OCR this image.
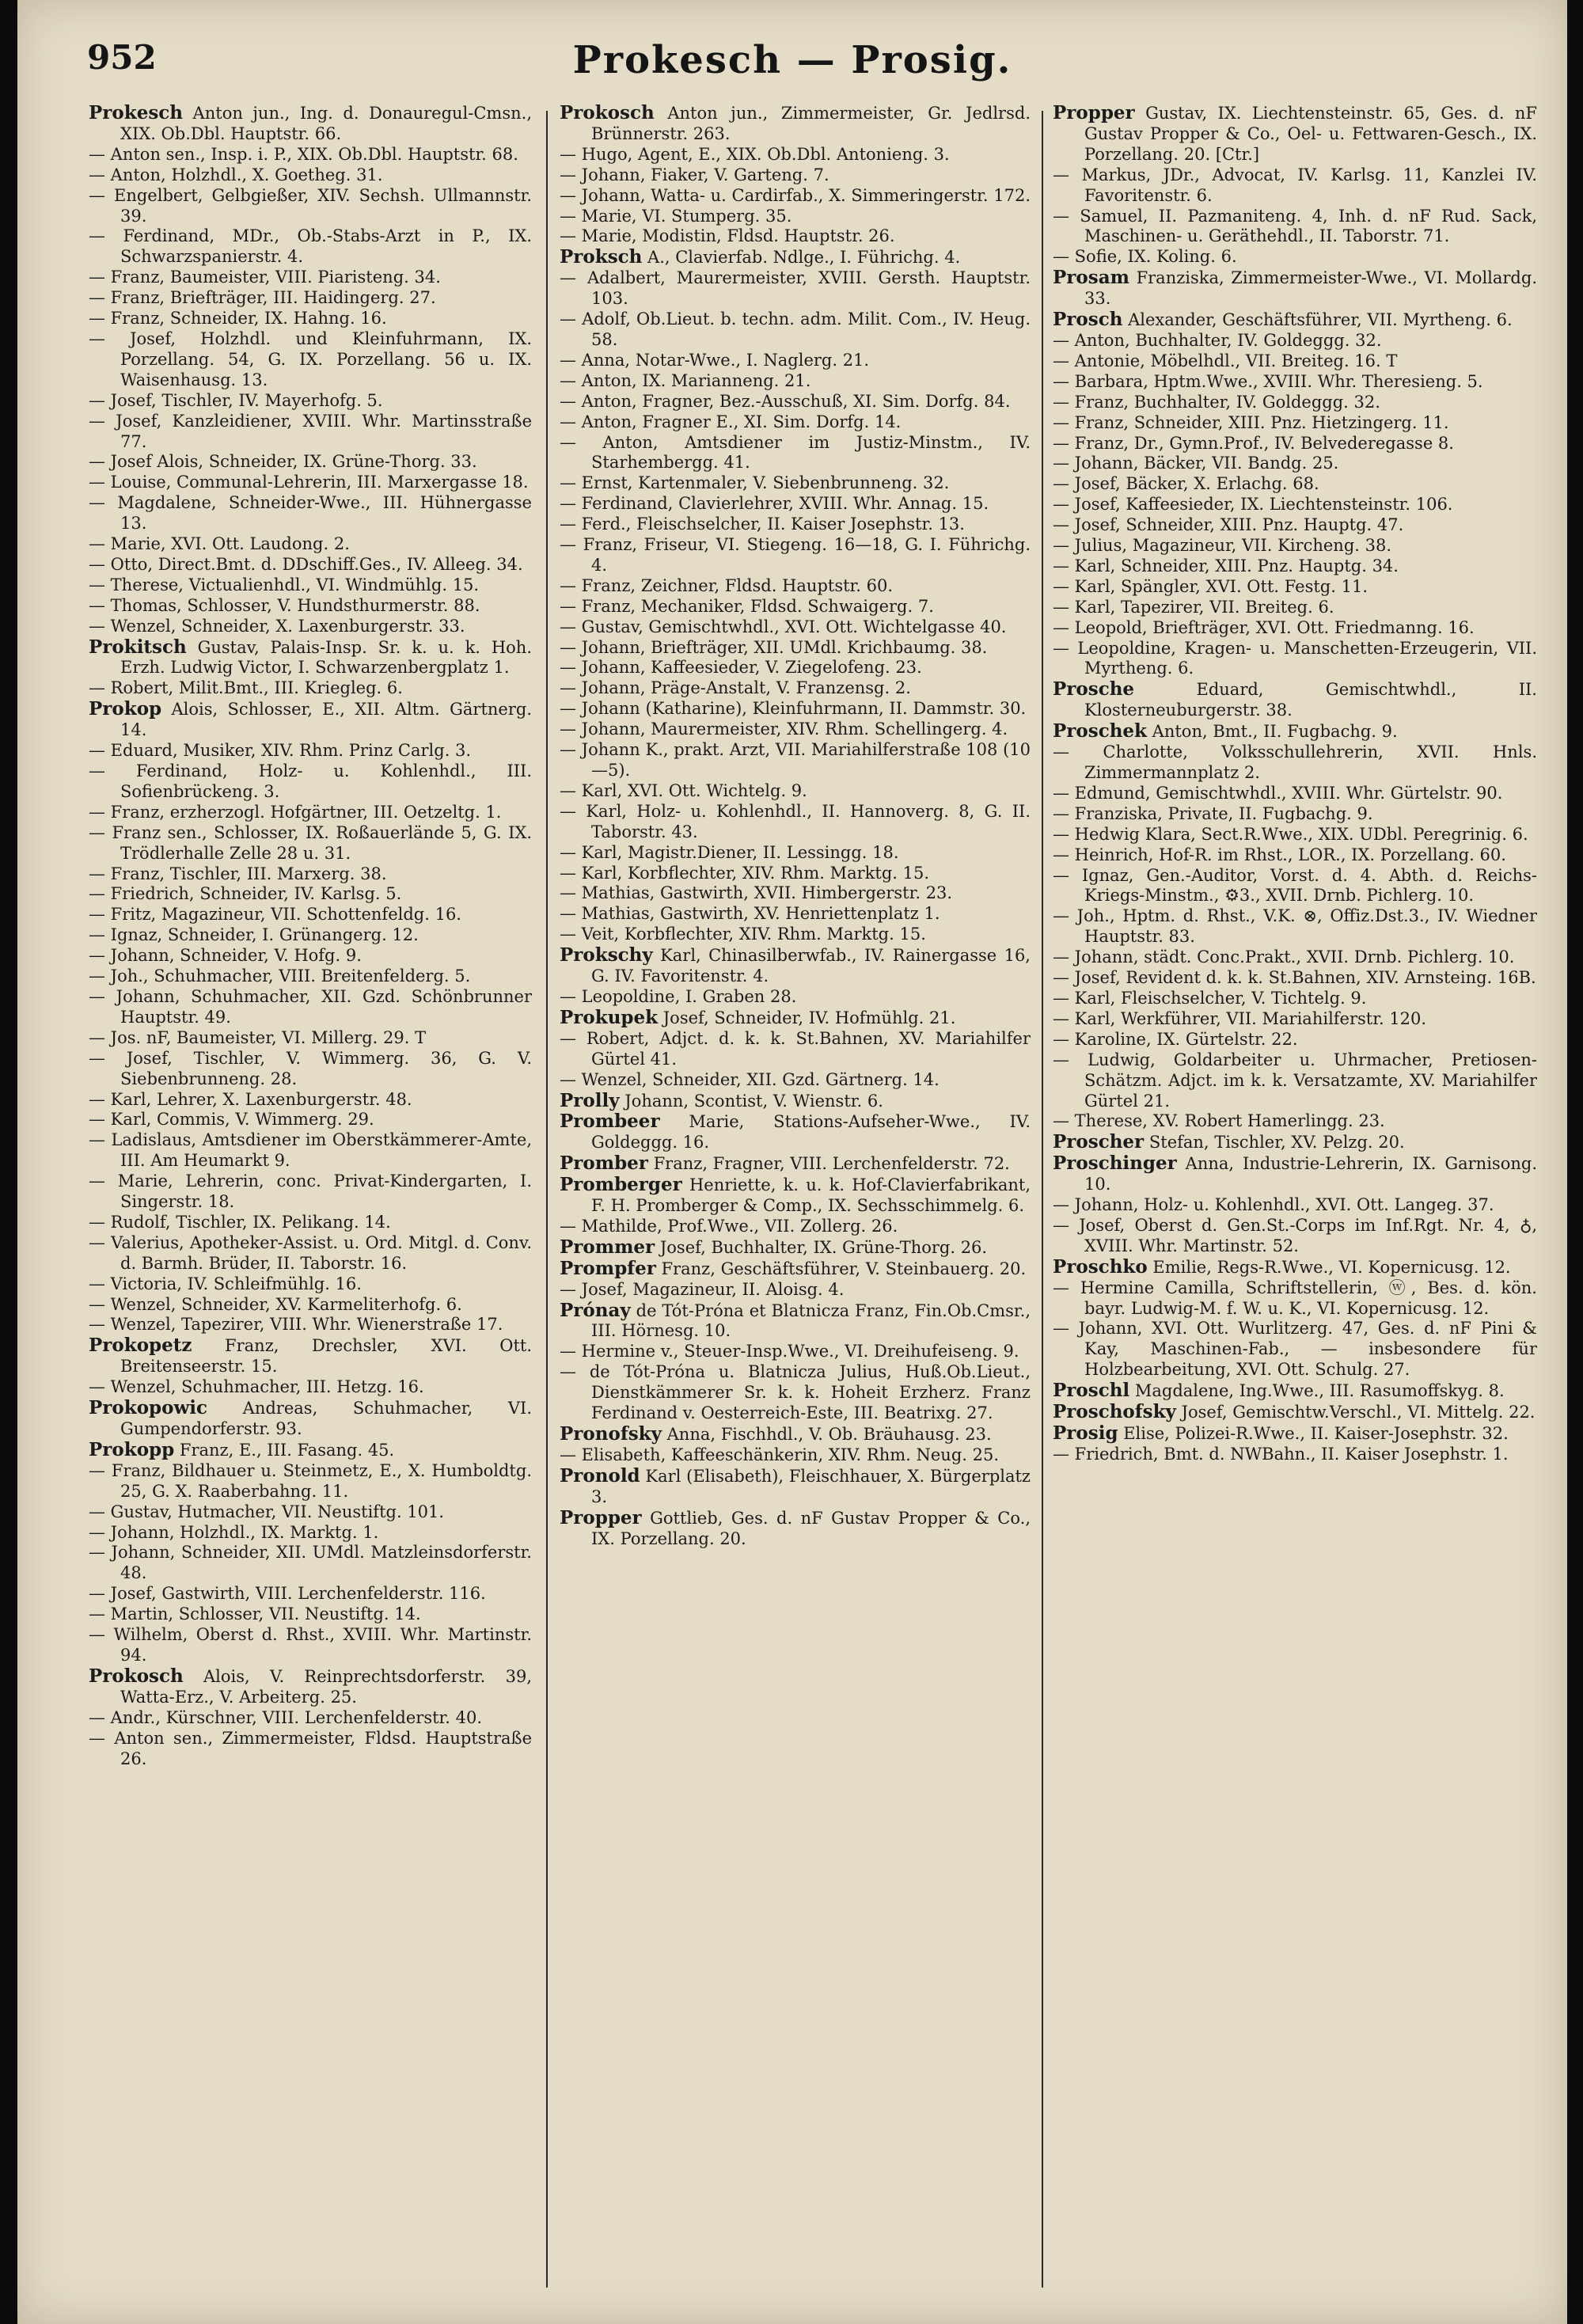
952	Prokesch — Prosig.

Prokesch Anton jun., Ing. d. Donauregul-Cmsn., XIX. Ob.Dbl. Hauptstr. 66.

— Anton sen., Insp. i. P., XIX. Ob.Dbl. Hauptstr. 68.

— Anton, Holzhdl., X. Goetheg. 31.

— Engelbert, Gelbgießer, XIV. Sechsh. Ullmannstr. 39.

— Ferdinand, MDr., Ob.-Stabs-Arzt in P., IX. Schwarzspanierstr. 4.

— Franz, Baumeister, VIII. Piaristeng. 34.

— Franz, Briefträger, III. Haidingerg. 27.

— Franz, Schneider, IX. Hahng. 16.

— Josef, Holzhdl. und Kleinfuhrmann, IX. Porzellang. 54, G. IX. Porzellang. 56 u. IX. Waisenhausg. 13.

— Josef, Tischler, IV. Mayerhofg. 5.

— Josef, Kanzleidiener, XVIII. Whr. Martinsstraße 77.

— Josef Alois, Schneider, IX. Grüne-Thorg. 33.

— Louise, Communal-Lehrerin, III. Marxergasse 18.

— Magdalene, Schneider-Wwe., III. Hühnergasse 13.

— Marie, XVI. Ott. Laudong. 2.

— Otto, Direct.Bmt. d. DDschiff.Ges., IV. Alleeg. 34.

— Therese, Victualienhdl., VI. Windmühlg. 15.

— Thomas, Schlosser, V. Hundsthurmerstr. 88.

— Wenzel, Schneider, X. Laxenburgerstr. 33.

Prokitsch Gustav, Palais-Insp. Sr. k. u. k. Hoh. Erzh. Ludwig Victor, I. Schwarzenbergplatz 1.

— Robert, Milit.Bmt., III. Kriegleg. 6.

Prokop Alois, Schlosser, E., XII. Altm. Gärtnerg. 14.

— Eduard, Musiker, XIV. Rhm. Prinz Carlg. 3.

— Ferdinand, Holz- u. Kohlenhdl., III. Sofienbrückeng. 3.

— Franz, erzherzogl. Hofgärtner, III. Oetzeltg. 1.

— Franz sen., Schlosser, IX. Roßauerlände 5, G. IX. Trödlerhalle Zelle 28 u. 31.

— Franz, Tischler, III. Marxerg. 38.

— Friedrich, Schneider, IV. Karlsg. 5.

— Fritz, Magazineur, VII. Schottenfeldg. 16.

— Ignaz, Schneider, I. Grünangerg. 12.

— Johann, Schneider, V. Hofg. 9.

— Joh., Schuhmacher, VIII. Breitenfelderg. 5.

— Johann, Schuhmacher, XII. Gzd. Schönbrunner Hauptstr. 49.

— Jos. nF, Baumeister, VI. Millerg. 29. T

— Josef, Tischler, V. Wimmerg. 36, G. V. Siebenbrunneng. 28.

— Karl, Lehrer, X. Laxenburgerstr. 48.

— Karl, Commis, V. Wimmerg. 29.

— Ladislaus, Amtsdiener im Oberstkämmerer-Amte, III. Am Heumarkt 9.

— Marie, Lehrerin, conc. Privat-Kindergarten, I. Singerstr. 18.

— Rudolf, Tischler, IX. Pelikang. 14.

— Valerius, Apotheker-Assist. u. Ord. Mitgl. d. Conv. d. Barmh. Brüder, II. Taborstr. 16.

— Victoria, IV. Schleifmühlg. 16.

— Wenzel, Schneider, XV. Karmeliterhofg. 6.

— Wenzel, Tapezirer, VIII. Whr. Wienerstraße 17.

Prokopetz Franz, Drechsler, XVI. Ott. Breitenseerstr. 15.

— Wenzel, Schuhmacher, III. Hetzg. 16.

Prokopowic Andreas, Schuhmacher, VI. Gumpendorferstr. 93.

Prokopp Franz, E., III. Fasang. 45.

— Franz, Bildhauer u. Steinmetz, E., X. Humboldtg. 25, G. X. Raaberbahng. 11.

— Gustav, Hutmacher, VII. Neustiftg. 101.

— Johann, Holzhdl., IX. Marktg. 1.

— Johann, Schneider, XII. UMdl. Matzleinsdorferstr. 48.

— Josef, Gastwirth, VIII. Lerchenfelderstr. 116.

— Martin, Schlosser, VII. Neustiftg. 14.

— Wilhelm, Oberst d. Rhst., XVIII. Whr. Martinstr. 94.

Prokosch Alois, V. Reinprechtsdorferstr. 39, Watta-Erz., V. Arbeiterg. 25.

— Andr., Kürschner, VIII. Lerchenfelderstr. 40.

— Anton sen., Zimmermeister, Fldsd. Hauptstraße 26.

Prokosch Anton jun., Zimmermeister, Gr. Jedlrsd. Brünnerstr. 263.

— Hugo, Agent, E., XIX. Ob.Dbl. Antonieng. 3.

— Johann, Fiaker, V. Garteng. 7.

— Johann, Watta- u. Cardirfab., X. Simmeringerstr. 172.

— Marie, VI. Stumperg. 35.

— Marie, Modistin, Fldsd. Hauptstr. 26.

Proksch A., Clavierfab. Ndlge., I. Führichg. 4.

— Adalbert, Maurermeister, XVIII. Gersth. Hauptstr. 103.

— Adolf, Ob.Lieut. b. techn. adm. Milit. Com., IV. Heug. 58.

— Anna, Notar-Wwe., I. Naglerg. 21.

— Anton, IX. Marianneng. 21.

— Anton, Fragner, Bez.-Ausschuß, XI. Sim. Dorfg. 84.

— Anton, Fragner E., XI. Sim. Dorfg. 14.

— Anton, Amtsdiener im Justiz-Minstm., IV. Starhembergg. 41.

— Ernst, Kartenmaler, V. Siebenbrunneng. 32.

— Ferdinand, Clavierlehrer, XVIII. Whr. Annag. 15.

— Ferd., Fleischselcher, II. Kaiser Josephstr. 13.

— Franz, Friseur, VI. Stiegeng. 16—18, G. I. Führichg. 4.

— Franz, Zeichner, Fldsd. Hauptstr. 60.

— Franz, Mechaniker, Fldsd. Schwaigerg. 7.

— Gustav, Gemischtwhdl., XVI. Ott. Wichtelgasse 40.

— Johann, Briefträger, XII. UMdl. Krichbaumg. 38.

— Johann, Kaffeesieder, V. Ziegelofeng. 23.

— Johann, Präge-Anstalt, V. Franzensg. 2.

— Johann (Katharine), Kleinfuhrmann, II. Dammstr. 30.

— Johann, Maurermeister, XIV. Rhm. Schellingerg. 4.

— Johann K., prakt. Arzt, VII. Mariahilferstraße 108 (10—5).

— Karl, XVI. Ott. Wichtelg. 9.

— Karl, Holz- u. Kohlenhdl., II. Hannoverg. 8, G. II. Taborstr. 43.

— Karl, Magistr.Diener, II. Lessingg. 18.

— Karl, Korbflechter, XIV. Rhm. Marktg. 15.

— Mathias, Gastwirth, XVII. Himbergerstr. 23.

— Mathias, Gastwirth, XV. Henriettenplatz 1.

— Veit, Korbflechter, XIV. Rhm. Marktg. 15.

Prokschy Karl, Chinasilberwfab., IV. Rainergasse 16, G. IV. Favoritenstr. 4.

— Leopoldine, I. Graben 28.

Prokupek Josef, Schneider, IV. Hofmühlg. 21.

— Robert, Adjct. d. k. k. St.Bahnen, XV. Mariahilfer Gürtel 41.

— Wenzel, Schneider, XII. Gzd. Gärtnerg. 14.

Prolly Johann, Scontist, V. Wienstr. 6.

Prombeer Marie, Stations-Aufseher-Wwe., IV. Goldeggg. 16.

Promber Franz, Fragner, VIII. Lerchenfelderstr. 72.

Promberger Henriette, k. u. k. Hof-Clavierfabrikant, F. H. Promberger & Comp., IX. Sechsschimmelg. 6.

— Mathilde, Prof.Wwe., VII. Zollerg. 26.

Prommer Josef, Buchhalter, IX. Grüne-Thorg. 26.

Prompfer Franz, Geschäftsführer, V. Steinbauerg. 20.

— Josef, Magazineur, II. Aloisg. 4.

Prónay de Tót-Próna et Blatnicza Franz, Fin.Ob.Cmsr., III. Hörnesg. 10.

— Hermine v., Steuer-Insp.Wwe., VI. Dreihufeiseng. 9.

— de Tót-Próna u. Blatnicza Julius, Huß.Ob.Lieut., Dienstkämmerer Sr. k. k. Hoheit Erzherz. Franz Ferdinand v. Oesterreich-Este, III. Beatrixg. 27.

Pronofsky Anna, Fischhdl., V. Ob. Bräuhausg. 23.

— Elisabeth, Kaffeeschänkerin, XIV. Rhm. Neug. 25.

Pronold Karl (Elisabeth), Fleischhauer, X. Bürgerplatz 3.

Propper Gottlieb, Ges. d. nF Gustav Propper & Co., IX. Porzellang. 20.

Propper Gustav, IX. Liechtensteinstr. 65, Ges. d. nF Gustav Propper & Co., Oel- u. Fettwaren-Gesch., IX. Porzellang. 20. [Ctr.]

— Markus, JDr., Advocat, IV. Karlsg. 11, Kanzlei IV. Favoritenstr. 6.

— Samuel, II. Pazmaniteng. 4, Inh. d. nF Rud. Sack, Maschinen- u. Geräthehdl., II. Taborstr. 71.

— Sofie, IX. Koling. 6.

Prosam Franziska, Zimmermeister-Wwe., VI. Mollardg. 33.

Prosch Alexander, Geschäftsführer, VII. Myrtheng. 6.

— Anton, Buchhalter, IV. Goldeggg. 32.

— Antonie, Möbelhdl., VII. Breiteg. 16. T

— Barbara, Hptm.Wwe., XVIII. Whr. Theresieng. 5.

— Franz, Buchhalter, IV. Goldeggg. 32.

— Franz, Schneider, XIII. Pnz. Hietzingerg. 11.

— Franz, Dr., Gymn.Prof., IV. Belvederegasse 8.

— Johann, Bäcker, VII. Bandg. 25.

— Josef, Bäcker, X. Erlachg. 68.

— Josef, Kaffeesieder, IX. Liechtensteinstr. 106.

— Josef, Schneider, XIII. Pnz. Hauptg. 47.

— Julius, Magazineur, VII. Kircheng. 38.

— Karl, Schneider, XIII. Pnz. Hauptg. 34.

— Karl, Spängler, XVI. Ott. Festg. 11.

— Karl, Tapezirer, VII. Breiteg. 6.

— Leopold, Briefträger, XVI. Ott. Friedmanng. 16.

— Leopoldine, Kragen- u. Manschetten-Erzeugerin, VII. Myrtheng. 6.

Prosche Eduard, Gemischtwhdl., II. Klosterneuburgerstr. 38.

Proschek Anton, Bmt., II. Fugbachg. 9.

— Charlotte, Volksschullehrerin, XVII. Hnls. Zimmermannplatz 2.

— Edmund, Gemischtwhdl., XVIII. Whr. Gürtelstr. 90.

— Franziska, Private, II. Fugbachg. 9.

— Hedwig Klara, Sect.R.Wwe., XIX. UDbl. Peregrinig. 6.

— Heinrich, Hof-R. im Rhst., LOR., IX. Porzellang. 60.

— Ignaz, Gen.-Auditor, Vorst. d. 4. Abth. d. Reichs-Kriegs-Minstm., ⚙3., XVII. Drnb. Pichlerg. 10.

— Joh., Hptm. d. Rhst., V.K. ⊗, Offiz.Dst.3., IV. Wiedner Hauptstr. 83.

— Johann, städt. Conc.Prakt., XVII. Drnb. Pichlerg. 10.

— Josef, Revident d. k. k. St.Bahnen, XIV. Arnsteing. 16B.

— Karl, Fleischselcher, V. Tichtelg. 9.

— Karl, Werkführer, VII. Mariahilferstr. 120.

— Karoline, IX. Gürtelstr. 22.

— Ludwig, Goldarbeiter u. Uhrmacher, Pretiosen-Schätzm. Adjct. im k. k. Versatzamte, XV. Mariahilfer Gürtel 21.

— Therese, XV. Robert Hamerlingg. 23.

Proscher Stefan, Tischler, XV. Pelzg. 20.

Proschinger Anna, Industrie-Lehrerin, IX. Garnisong. 10.

— Johann, Holz- u. Kohlenhdl., XVI. Ott. Langeg. 37.

— Josef, Oberst d. Gen.St.-Corps im Inf.Rgt. Nr. 4, ♁, XVIII. Whr. Martinstr. 52.

Proschko Emilie, Regs-R.Wwe., VI. Kopernicusg. 12.

— Hermine Camilla, Schriftstellerin, ⓦ, Bes. d. kön. bayr. Ludwig-M. f. W. u. K., VI. Kopernicusg. 12.

— Johann, XVI. Ott. Wurlitzerg. 47, Ges. d. nF Pini & Kay, Maschinen-Fab., — insbesondere für Holzbearbeitung, XVI. Ott. Schulg. 27.

Proschl Magdalene, Ing.Wwe., III. Rasumoffskyg. 8.

Proschofsky Josef, Gemischtw.Verschl., VI. Mittelg. 22.

Prosig Elise, Polizei-R.Wwe., II. Kaiser-Josephstr. 32.

— Friedrich, Bmt. d. NWBahn., II. Kaiser Josephstr. 1.
